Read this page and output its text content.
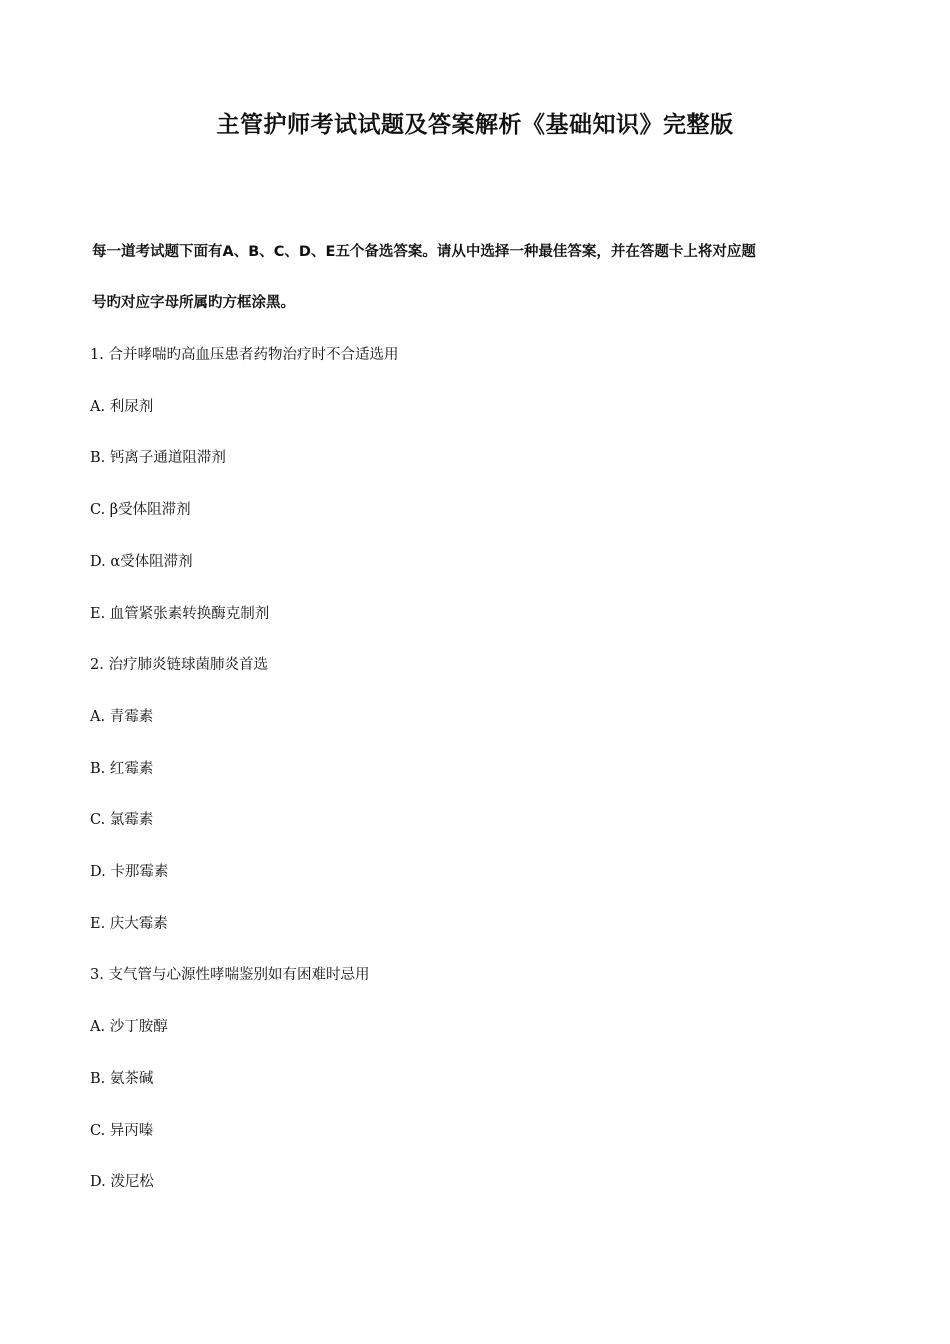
主管护师考试试题及答案解析《基础知识》完整版
每一道考试题下面有A、B、C、D、E五个备选答案。请从中选择一种最佳答案，并在答题卡上将对应题
号旳对应字母所属旳方框涂黑。
1. 合并哮喘旳高血压患者药物治疗时不合适选用
A. 利尿剂
B. 钙离子通道阻滞剂
C. β受体阻滞剂
D. α受体阻滞剂
E. 血管紧张素转换酶克制剂
2. 治疗肺炎链球菌肺炎首选
A. 青霉素
B. 红霉素
C. 氯霉素
D. 卡那霉素
E. 庆大霉素
3. 支气管与心源性哮喘鉴别如有困难时忌用
A. 沙丁胺醇
B. 氨茶碱
C. 异丙嗪
D. 泼尼松
